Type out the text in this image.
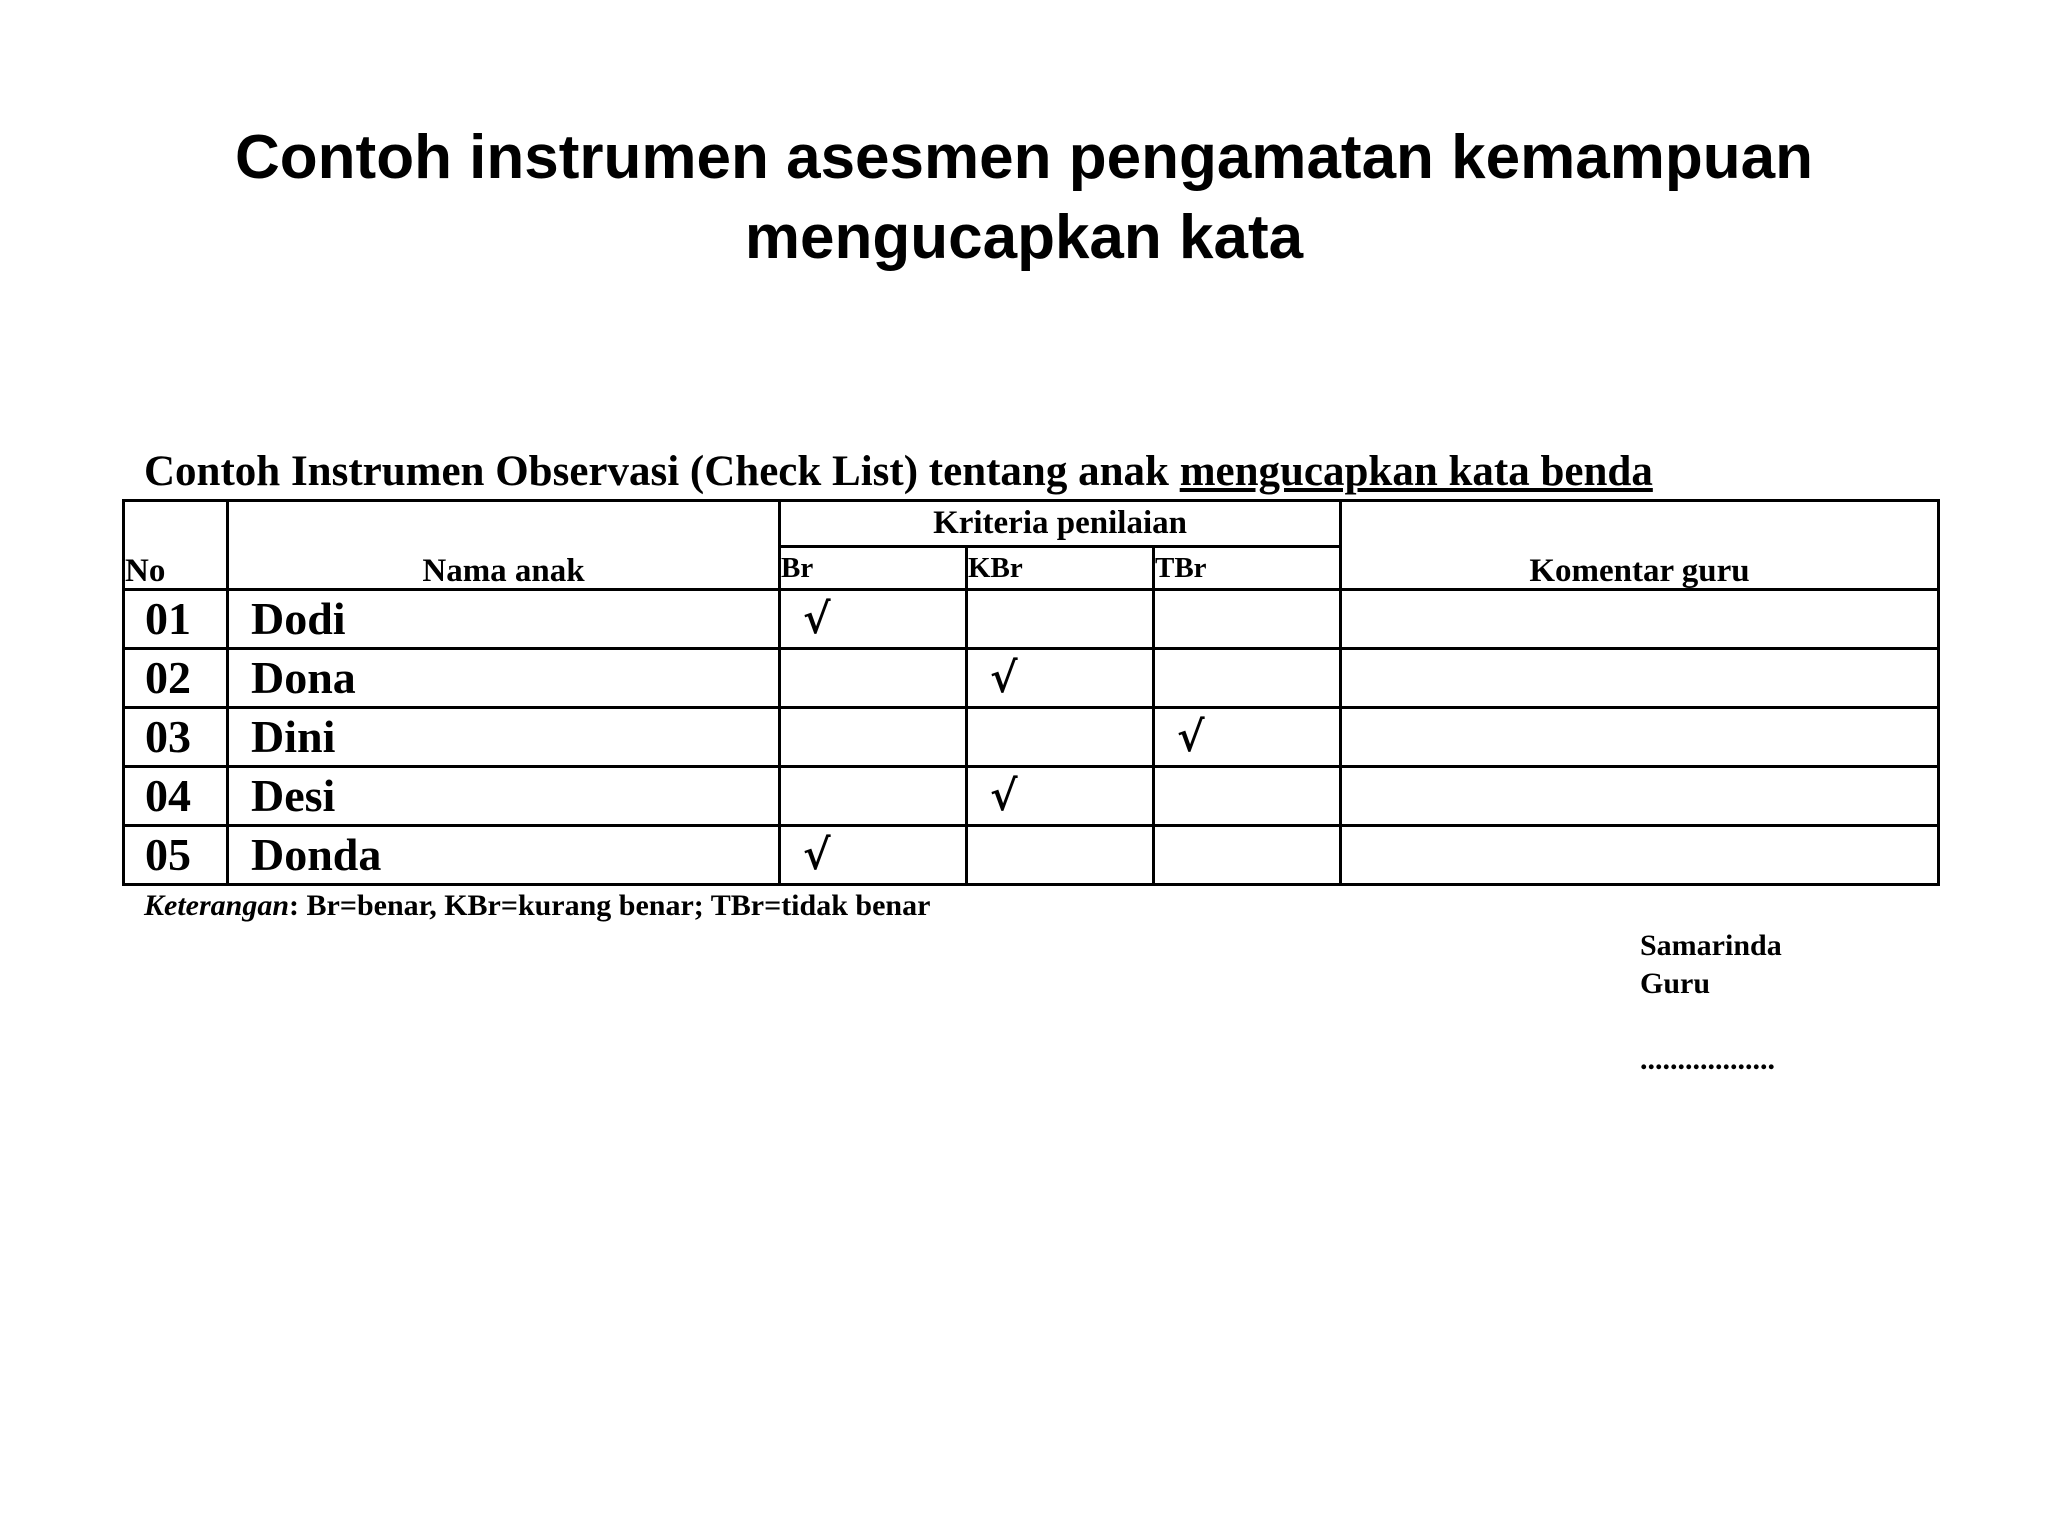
Contoh instrumen asesmen pengamatan kemampuan
mengucapkan kata
Contoh Instrumen Observasi (Check List) tentang anak mengucapkan kata benda
No	Nama anak	Kriteria penilaian			Komentar guru
		Br	KBr	TBr	
01	Dodi	√			
02	Dona		√		
03	Dini			√	
04	Desi		√		
05	Donda	√			
Keterangan: Br=benar, KBr=kurang benar; TBr=tidak benar
Samarinda
Guru
..................
